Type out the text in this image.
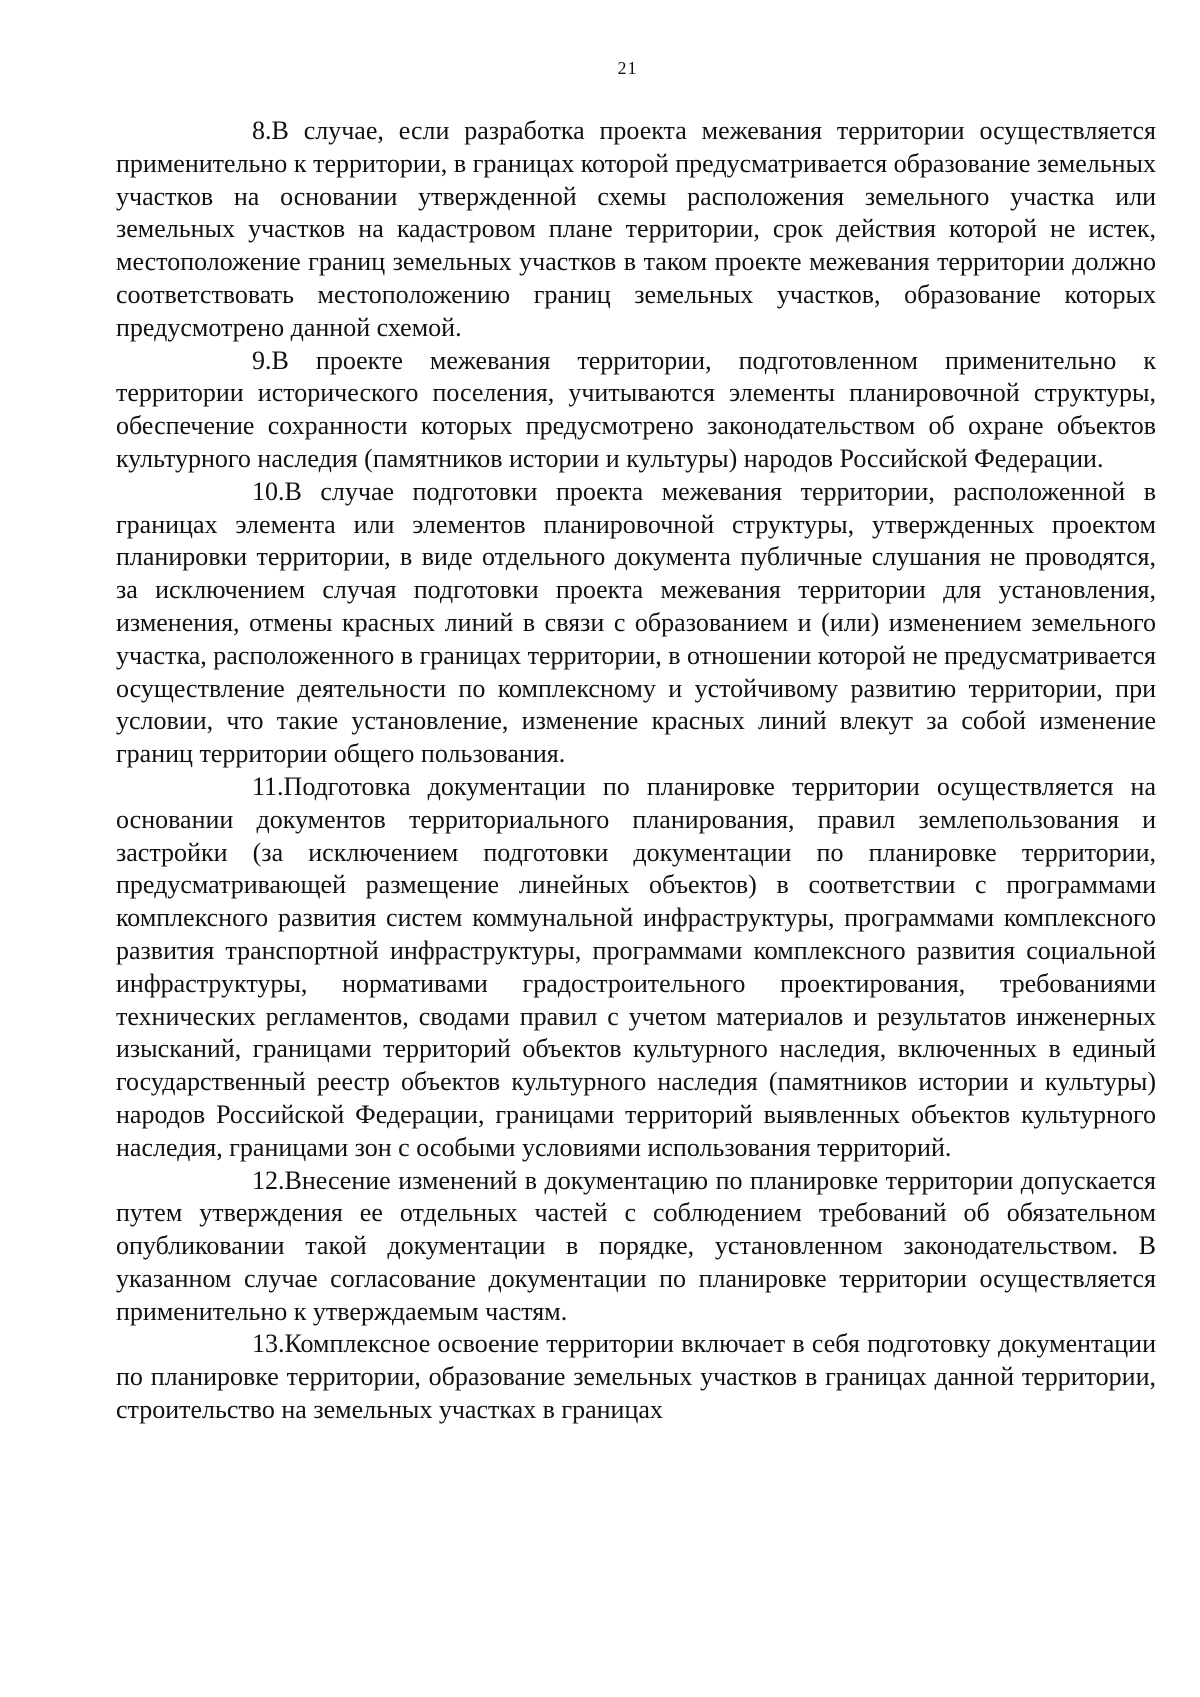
21

8.В случае, если разработка проекта межевания территории осуществляется применительно к территории, в границах которой предусматривается образование земельных участков на основании утвержденной схемы расположения земельного участка или земельных участков на кадастровом плане территории, срок действия которой не истек, местоположение границ земельных участков в таком проекте межевания территории должно соответствовать местоположению границ земельных участков, образование которых предусмотрено данной схемой.

9.В проекте межевания территории, подготовленном применительно к территории исторического поселения, учитываются элементы планировочной структуры, обеспечение сохранности которых предусмотрено законодательством об охране объектов культурного наследия (памятников истории и культуры) народов Российской Федерации.

10.В случае подготовки проекта межевания территории, расположенной в границах элемента или элементов планировочной структуры, утвержденных проектом планировки территории, в виде отдельного документа публичные слушания не проводятся, за исключением случая подготовки проекта межевания территории для установления, изменения, отмены красных линий в связи с образованием и (или) изменением земельного участка, расположенного в границах территории, в отношении которой не предусматривается осуществление деятельности по комплексному и устойчивому развитию территории, при условии, что такие установление, изменение красных линий влекут за собой изменение границ территории общего пользования.

11.Подготовка документации по планировке территории осуществляется на основании документов территориального планирования, правил землепользования и застройки (за исключением подготовки документации по планировке территории, предусматривающей размещение линейных объектов) в соответствии с программами комплексного развития систем коммунальной инфраструктуры, программами комплексного развития транспортной инфраструктуры, программами комплексного развития социальной инфраструктуры, нормативами градостроительного проектирования, требованиями технических регламентов, сводами правил с учетом материалов и результатов инженерных изысканий, границами территорий объектов культурного наследия, включенных в единый государственный реестр объектов культурного наследия (памятников истории и культуры) народов Российской Федерации, границами территорий выявленных объектов культурного наследия, границами зон с особыми условиями использования территорий.

12.Внесение изменений в документацию по планировке территории допускается путем утверждения ее отдельных частей с соблюдением требований об обязательном опубликовании такой документации в порядке, установленном законодательством. В указанном случае согласование документации по планировке территории осуществляется применительно к утверждаемым частям.

13.Комплексное освоение территории включает в себя подготовку документации по планировке территории, образование земельных участков в границах данной территории, строительство на земельных участках в границах
